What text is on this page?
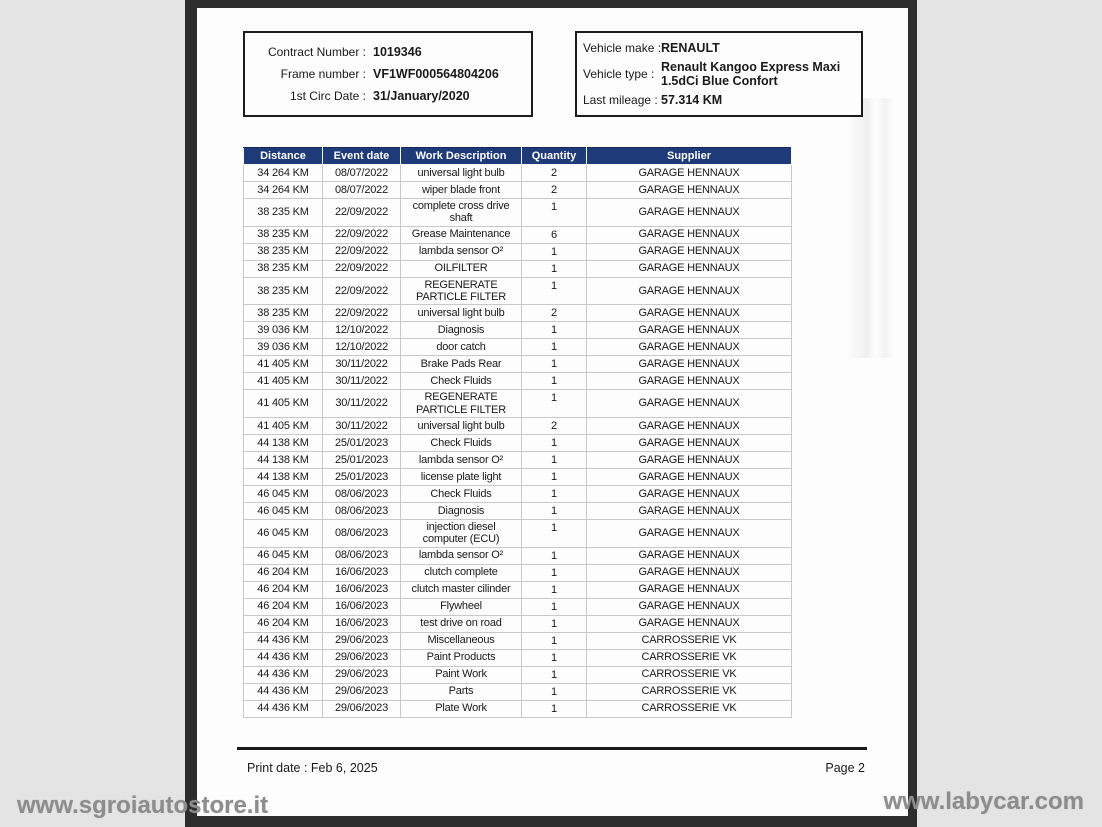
Contract Number : 1019346
Frame number : VF1WF000564804206
1st Circ Date : 31/January/2020
Vehicle make : RENAULT
Vehicle type :
Renault Kangoo Express Maxi 1.5dCi Blue Confort
Last mileage : 57.314 KM
Distance	Event date	Work Description	Quantity	Supplier
34 264 KM	08/07/2022	universal light bulb	2	GARAGE HENNAUX
34 264 KM	08/07/2022	wiper blade front	2	GARAGE HENNAUX
38 235 KM	22/09/2022	complete cross drive shaft	1	GARAGE HENNAUX
38 235 KM	22/09/2022	Grease Maintenance	6	GARAGE HENNAUX
38 235 KM	22/09/2022	lambda sensor O²	1	GARAGE HENNAUX
38 235 KM	22/09/2022	OILFILTER	1	GARAGE HENNAUX
38 235 KM	22/09/2022	REGENERATE PARTICLE FILTER	1	GARAGE HENNAUX
38 235 KM	22/09/2022	universal light bulb	2	GARAGE HENNAUX
39 036 KM	12/10/2022	Diagnosis	1	GARAGE HENNAUX
39 036 KM	12/10/2022	door catch	1	GARAGE HENNAUX
41 405 KM	30/11/2022	Brake Pads Rear	1	GARAGE HENNAUX
41 405 KM	30/11/2022	Check Fluids	1	GARAGE HENNAUX
41 405 KM	30/11/2022	REGENERATE PARTICLE FILTER	1	GARAGE HENNAUX
41 405 KM	30/11/2022	universal light bulb	2	GARAGE HENNAUX
44 138 KM	25/01/2023	Check Fluids	1	GARAGE HENNAUX
44 138 KM	25/01/2023	lambda sensor O²	1	GARAGE HENNAUX
44 138 KM	25/01/2023	license plate light	1	GARAGE HENNAUX
46 045 KM	08/06/2023	Check Fluids	1	GARAGE HENNAUX
46 045 KM	08/06/2023	Diagnosis	1	GARAGE HENNAUX
46 045 KM	08/06/2023	injection diesel computer (ECU)	1	GARAGE HENNAUX
46 045 KM	08/06/2023	lambda sensor O²	1	GARAGE HENNAUX
46 204 KM	16/06/2023	clutch complete	1	GARAGE HENNAUX
46 204 KM	16/06/2023	clutch master cilinder	1	GARAGE HENNAUX
46 204 KM	16/06/2023	Flywheel	1	GARAGE HENNAUX
46 204 KM	16/06/2023	test drive on road	1	GARAGE HENNAUX
44 436 KM	29/06/2023	Miscellaneous	1	CARROSSERIE VK
44 436 KM	29/06/2023	Paint Products	1	CARROSSERIE VK
44 436 KM	29/06/2023	Paint Work	1	CARROSSERIE VK
44 436 KM	29/06/2023	Parts	1	CARROSSERIE VK
44 436 KM	29/06/2023	Plate Work	1	CARROSSERIE VK
Print date : Feb 6, 2025	Page 2
www.sgroiautostore.it	www.labycar.com
